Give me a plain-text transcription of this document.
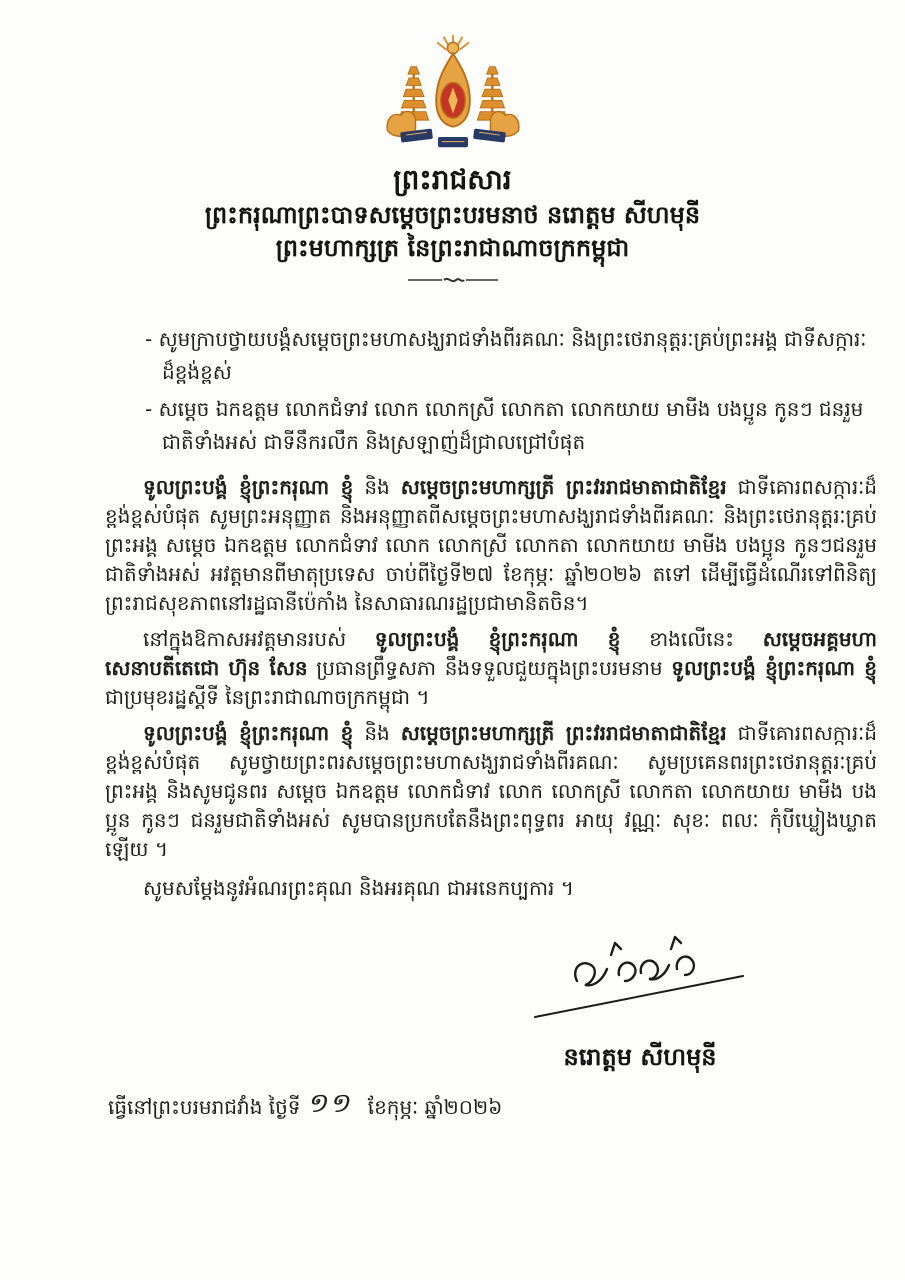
ព្រះរាជសារ
ព្រះករុណាព្រះបាទសម្តេចព្រះបរមនាថ នរោត្តម សីហមុនី
ព្រះមហាក្សត្រ នៃព្រះរាជាណាចក្រកម្ពុជា
- សូមក្រាបថ្វាយបង្គំសម្តេចព្រះមហាសង្ឃរាជទាំងពីរគណៈ និងព្រះថេរានុត្តរៈគ្រប់ព្រះអង្គ ជាទីសក្ការៈដ៏ខ្ពង់ខ្ពស់
- សម្តេច ឯកឧត្តម លោកជំទាវ លោក លោកស្រី លោកតា លោកយាយ មាមីង បងប្អូន កូនៗ ជនរួមជាតិទាំងអស់ ជាទីនឹករលឹក និងស្រឡាញ់ដ៏ជ្រាលជ្រៅបំផុត
ទូលព្រះបង្គំ ខ្ញុំព្រះករុណា ខ្ញុំ និង សម្តេចព្រះមហាក្សត្រី ព្រះវររាជមាតាជាតិខ្មែរ ជាទីគោរពសក្ការៈដ៏ខ្ពង់ខ្ពស់បំផុត សូមព្រះអនុញ្ញាត និងអនុញ្ញាតពីសម្តេចព្រះមហាសង្ឃរាជទាំងពីរគណៈ និងព្រះថេរានុត្តរៈគ្រប់ព្រះអង្គ សម្តេច ឯកឧត្តម លោកជំទាវ លោក លោកស្រី លោកតា លោកយាយ មាមីង បងប្អូន កូនៗជនរួមជាតិទាំងអស់ អវត្តមានពីមាតុប្រទេស ចាប់ពីថ្ងៃទី២៧ ខែកុម្ភៈ ឆ្នាំ២០២៦ តទៅ ដើម្បីធ្វើដំណើរទៅពិនិត្យព្រះរាជសុខភាពនៅរដ្ឋធានីប៉េកាំង នៃសាធារណរដ្ឋប្រជាមានិតចិន។
នៅក្នុងឱកាសអវត្តមានរបស់ ទូលព្រះបង្គំ ខ្ញុំព្រះករុណា ខ្ញុំ ខាងលើនេះ សម្តេចអគ្គមហាសេនាបតីតេជោ ហ៊ុន សែន ប្រធានព្រឹទ្ធសភា នឹងទទួលជួយក្នុងព្រះបរមនាម ទូលព្រះបង្គំ ខ្ញុំព្រះករុណា ខ្ញុំ ជាប្រមុខរដ្ឋស្តីទី នៃព្រះរាជាណាចក្រកម្ពុជា ។
ទូលព្រះបង្គំ ខ្ញុំព្រះករុណា ខ្ញុំ និង សម្តេចព្រះមហាក្សត្រី ព្រះវររាជមាតាជាតិខ្មែរ ជាទីគោរពសក្ការៈដ៏ខ្ពង់ខ្ពស់បំផុត សូមថ្វាយព្រះពរសម្តេចព្រះមហាសង្ឃរាជទាំងពីរគណៈ សូមប្រគេនពរព្រះថេរានុត្តរៈគ្រប់ព្រះអង្គ និងសូមជូនពរ សម្តេច ឯកឧត្តម លោកជំទាវ លោក លោកស្រី លោកតា លោកយាយ មាមីង បងប្អូន កូនៗ ជនរួមជាតិទាំងអស់ សូមបានប្រកបតែនឹងព្រះពុទ្ធពរ អាយុ វណ្ណៈ សុខៈ ពលៈ កុំបីឃ្លៀងឃ្លាតឡើយ ។
សូមសម្តែងនូវអំណរព្រះគុណ និងអរគុណ ជាអនេកប្បការ ។
នរោត្តម សីហមុនី
ធ្វើនៅព្រះបរមរាជវាំង ថ្ងៃទី ១១ ខែកុម្ភៈ ឆ្នាំ២០២៦
